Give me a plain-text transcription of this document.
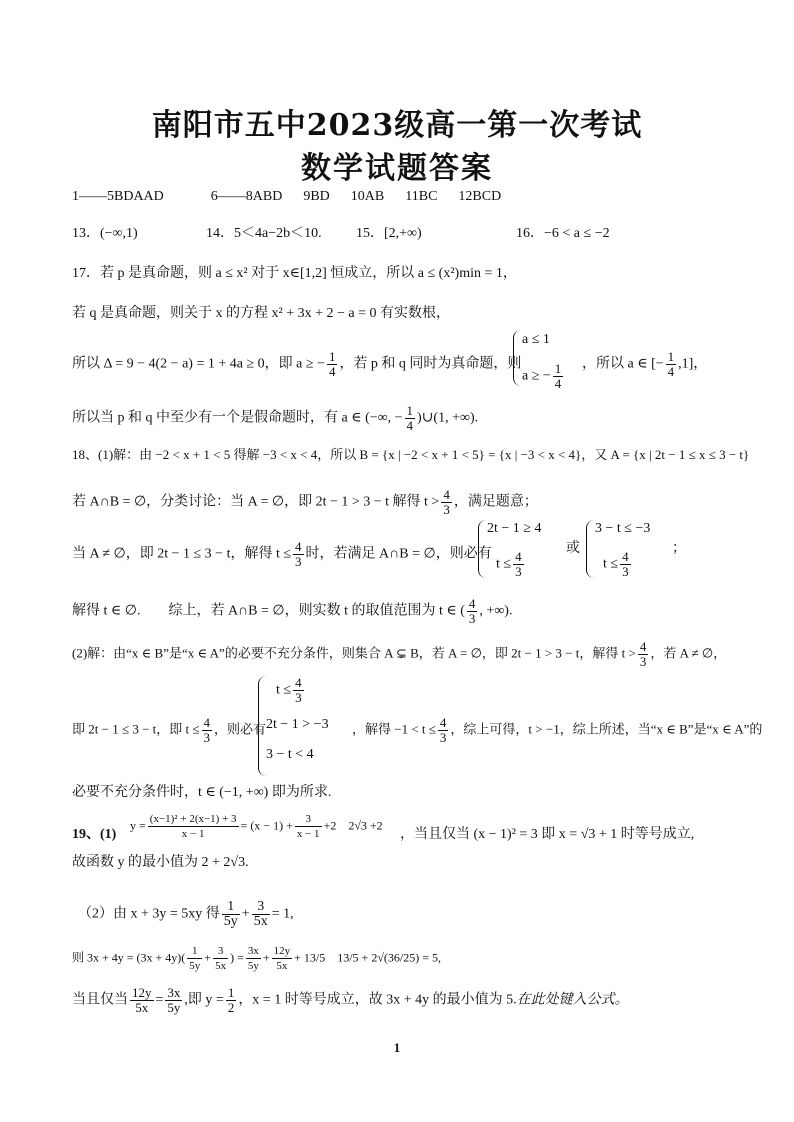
南阳市五中2023级高一第一次考试
数学试题答案
1——5BDAAD	6——8ABD 9BD 10AB 11BC 12BCD
13．(−∞,1)	14．5＜4a−2b＜10. 15．[2,+∞)	16．−6 < a ≤ −2
17．若 p 是真命题，则 a ≤ x² 对于 x∈[1,2] 恒成立，所以 a ≤ (x²)min = 1，
若 q 是真命题，则关于 x 的方程 x² + 3x + 2 − a = 0 有实数根，
所以 Δ = 9 − 4(2 − a) = 1 + 4a ≥ 0，即 a ≥ − $\frac{1}{4}$ ，若 p 和 q 同时为真命题，则
a ≤ 1
a ≥ − $\frac{1}{4}$ ，所以 a ∈ [− $\frac{1}{4} ,1$]，
所以当 p 和 q 中至少有一个是假命题时，有 a ∈ (−∞, − $\frac{1}{4}$ )∪(1, +∞).
18、(1)解：由 −2 < x + 1 < 5 得解 −3 < x < 4，所以 B = {x | −2 < x + 1 < 5} = {x | −3 < x < 4}，又 A = {x | 2t − 1 ≤ x ≤ 3 − t}
若 A∩B = ∅，分类讨论：当 A = ∅，即 2t − 1 > 3 − t 解得 $t > \frac{4}{3}$ ，满足题意；
当 A ≠ ∅，即 2t − 1 ≤ 3 − t，解得 $t \le \frac{4}{3}$ 时，若满足 A∩B = ∅，则必有
2t − 1 ≥ 4
$t \le \frac{4}{3}$
或
3 − t ≤ −3
$t \le \frac{4}{3}$
；
解得 t ∈ ∅.　　综上，若 A∩B = ∅，则实数 t 的取值范围为 t ∈ ( $\frac{4}{3}$ , +∞).
(2)解：由“x ∈ B”是“x ∈ A”的必要不充分条件，则集合 A ⊊ B，若 A = ∅，即 2t − 1 > 3 − t，解得 $t > \frac{4}{3}$ ，若 A ≠ ∅，
$t \le \frac{4}{3}$
2t − 1 > −3
3 − t < 4
即 2t − 1 ≤ 3 − t，即 $t \le \frac{4}{3}$ ，则必有	，解得 $-1 < t \le \frac{4}{3}$ ，综上可得，t > −1，综上所述，当“x ∈ B”是“x ∈ A”的
必要不充分条件时，t ∈ (−1, +∞) 即为所求.
19、(1)
$y = \frac{\text{(x−1)² + 2(x−1) + 3}}{x - 1} = (x - 1) + \frac{3}{x - 1} +2$　2√3 +2
，当且仅当 (x − 1)² = 3 即 x = √3 + 1 时等号成立,
故函数 y 的最小值为 2 + 2√3.
（2）由 x + 3y = 5xy 得 $\frac{1}{5y} + \frac{3}{5x} = 1$,
则 $3x + 4y = (3x + 4y)( \frac{1}{5y} + \frac{3}{5x}$ ) = $\frac{3x}{5y} + \frac{12y}{5x} + 13/5$　13/5 + 2√(36/25) = 5,
当且仅当 $\frac{12y}{5x} = \frac{3x}{5y}$ ,即 $y = \frac{1}{2}$ ，x = 1 时等号成立，故 3x + 4y 的最小值为 5.在此处键入公式。
1
